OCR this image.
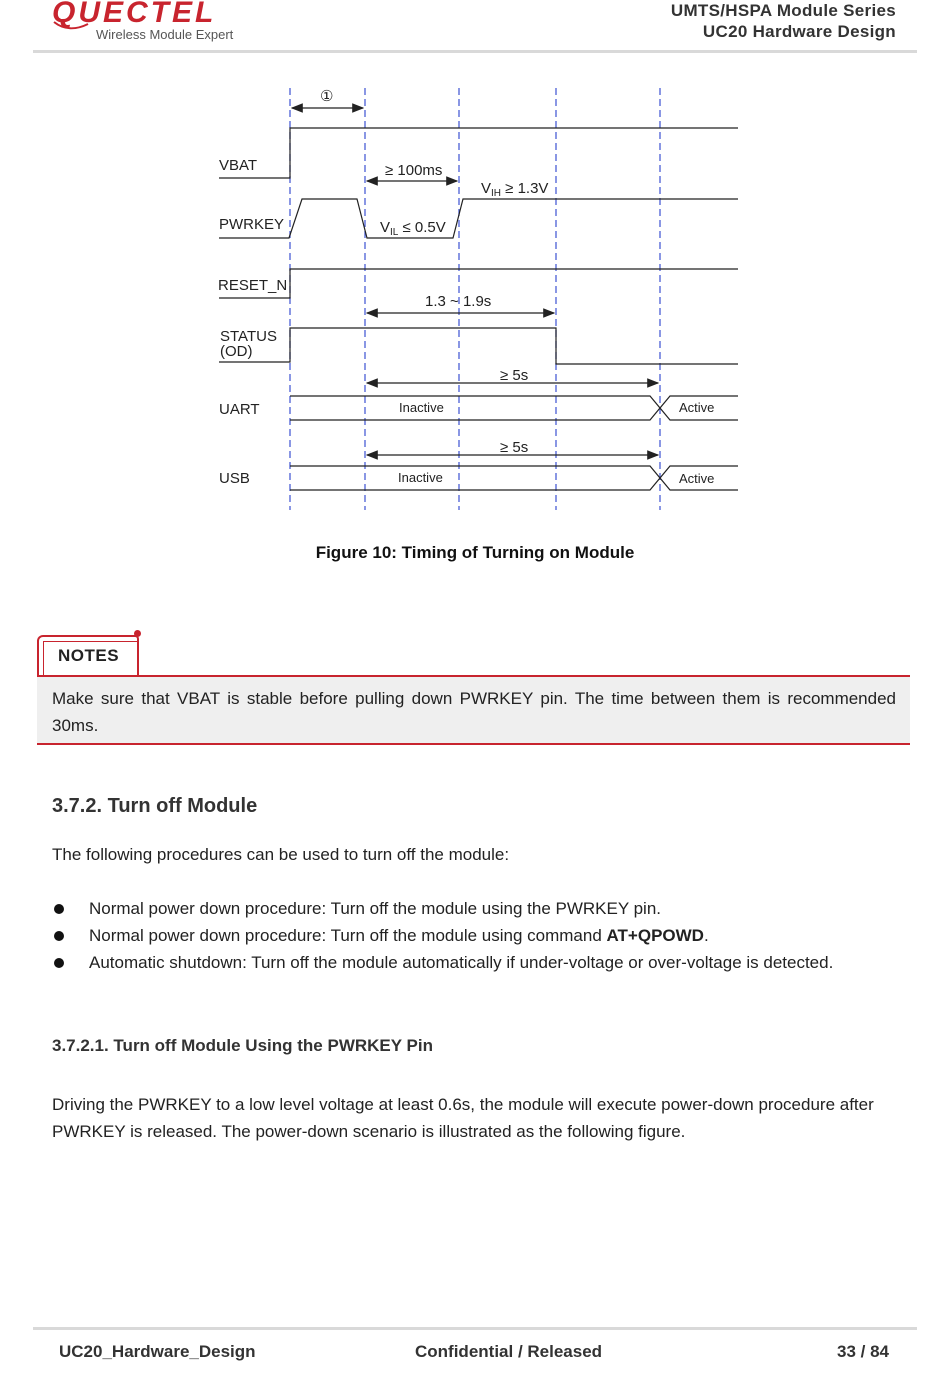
QUECTEL
Wireless Module Expert
UMTS/HSPA Module Series
UC20 Hardware Design
①
VBAT
PWRKEY
RESET_N
STATUS
(OD)
UART
USB
≥ 100ms
$V_{IH} \ge 1.3V$
$V_{IL} \le 0.5V$
1.3 ~ 1.9s
≥ 5s
≥ 5s
Inactive	Active
Inactive	Active
Figure 10: Timing of Turning on Module
NOTES
Make sure that VBAT is stable before pulling down PWRKEY pin. The time between them is recommended 30ms.
3.7.2. Turn off Module
The following procedures can be used to turn off the module:
Normal power down procedure: Turn off the module using the PWRKEY pin.
Normal power down procedure: Turn off the module using command AT+QPOWD.
Automatic shutdown: Turn off the module automatically if under-voltage or over-voltage is detected.
3.7.2.1. Turn off Module Using the PWRKEY Pin
Driving the PWRKEY to a low level voltage at least 0.6s, the module will execute power-down procedure after PWRKEY is released. The power-down scenario is illustrated as the following figure.
UC20_Hardware_Design	Confidential / Released	33 / 84
